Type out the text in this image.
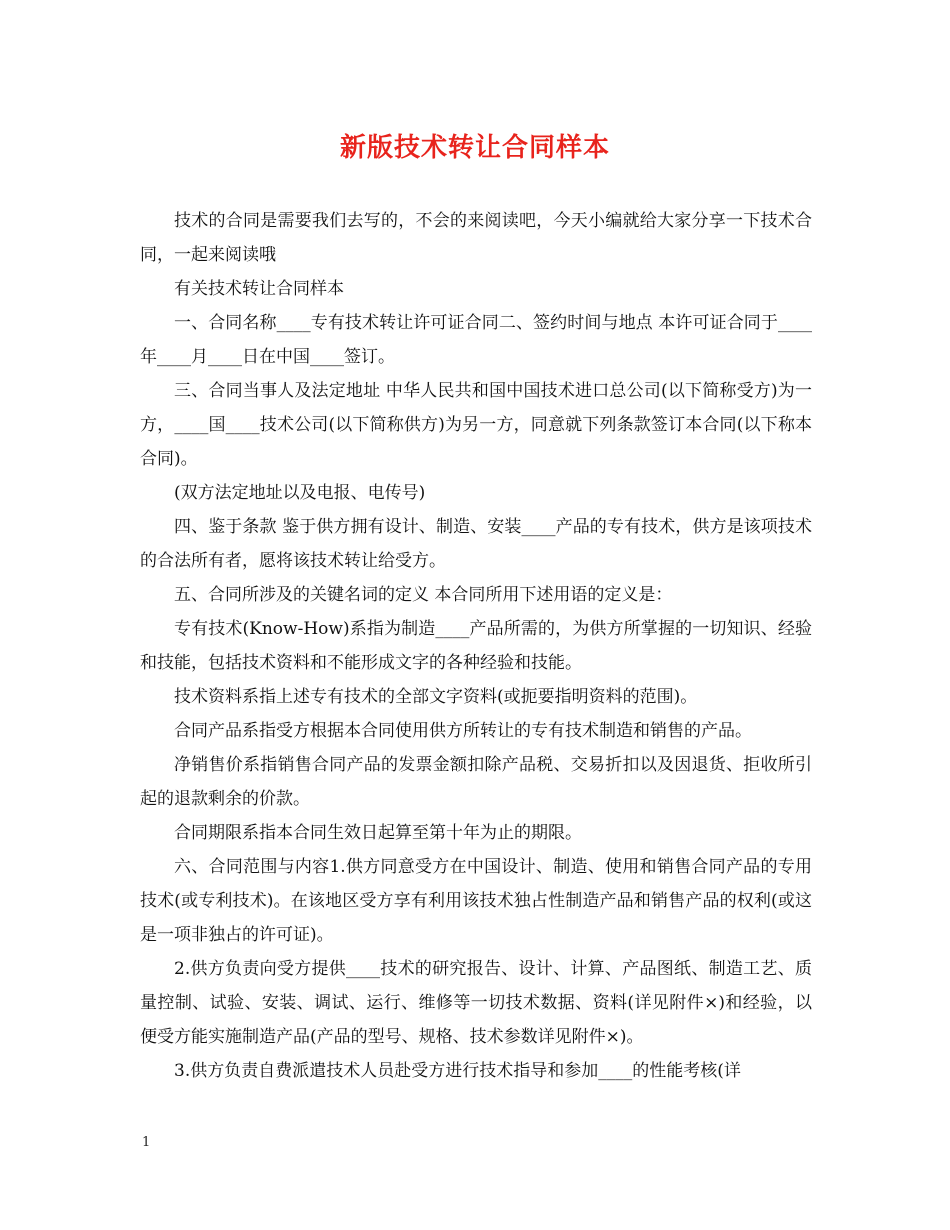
新版技术转让合同样本

技术的合同是需要我们去写的，不会的来阅读吧，今天小编就给大家分享一下技术合同，一起来阅读哦

有关技术转让合同样本

一、合同名称____专有技术转让许可证合同二、签约时间与地点 本许可证合同于____年____月____日在中国____签订。

三、合同当事人及法定地址 中华人民共和国中国技术进口总公司(以下简称受方)为一方，____国____技术公司(以下简称供方)为另一方，同意就下列条款签订本合同(以下称本合同)。

(双方法定地址以及电报、电传号)

四、鉴于条款 鉴于供方拥有设计、制造、安装____产品的专有技术，供方是该项技术的合法所有者，愿将该技术转让给受方。

五、合同所涉及的关键名词的定义 本合同所用下述用语的定义是：

专有技术(Know-How)系指为制造____产品所需的，为供方所掌握的一切知识、经验和技能，包括技术资料和不能形成文字的各种经验和技能。

技术资料系指上述专有技术的全部文字资料(或扼要指明资料的范围)。

合同产品系指受方根据本合同使用供方所转让的专有技术制造和销售的产品。

净销售价系指销售合同产品的发票金额扣除产品税、交易折扣以及因退货、拒收所引起的退款剩余的价款。

合同期限系指本合同生效日起算至第十年为止的期限。

六、合同范围与内容1.供方同意受方在中国设计、制造、使用和销售合同产品的专用技术(或专利技术)。在该地区受方享有利用该技术独占性制造产品和销售产品的权利(或这是一项非独占的许可证)。

2.供方负责向受方提供____技术的研究报告、设计、计算、产品图纸、制造工艺、质量控制、试验、安装、调试、运行、维修等一切技术数据、资料(详见附件×)和经验，以便受方能实施制造产品(产品的型号、规格、技术参数详见附件×)。

3.供方负责自费派遣技术人员赴受方进行技术指导和参加____的性能考核(详

1
